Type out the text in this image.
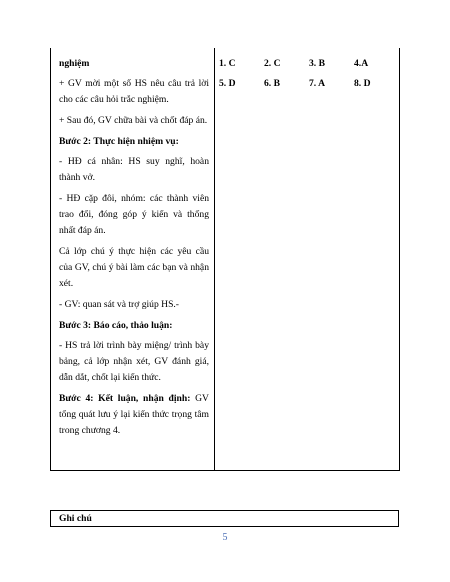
nghiệm

+ GV mời một số HS nêu câu trả lời cho các câu hỏi trắc nghiệm.

+ Sau đó, GV chữa bài và chốt đáp án.

Bước 2: Thực hiện nhiệm vụ:

- HĐ cá nhân: HS suy nghĩ, hoàn thành vở.

- HĐ cặp đôi, nhóm: các thành viên trao đổi, đóng góp ý kiến và thống nhất đáp án.

Cả lớp chú ý thực hiện các yêu cầu của GV, chú ý bài làm các bạn và nhận xét.

- GV: quan sát và trợ giúp HS.-

Bước 3: Báo cáo, thảo luận:

- HS trả lời trình bày miệng/ trình bày bảng, cả lớp nhận xét, GV đánh giá, dẫn dắt, chốt lại kiến thức.

Bước 4: Kết luận, nhận định: GV tổng quát lưu ý lại kiến thức trọng tâm trong chương 4.

1. C	2. C	3. B	4.A
5. D	6. B	7. A	8. D
Ghi chú
5
